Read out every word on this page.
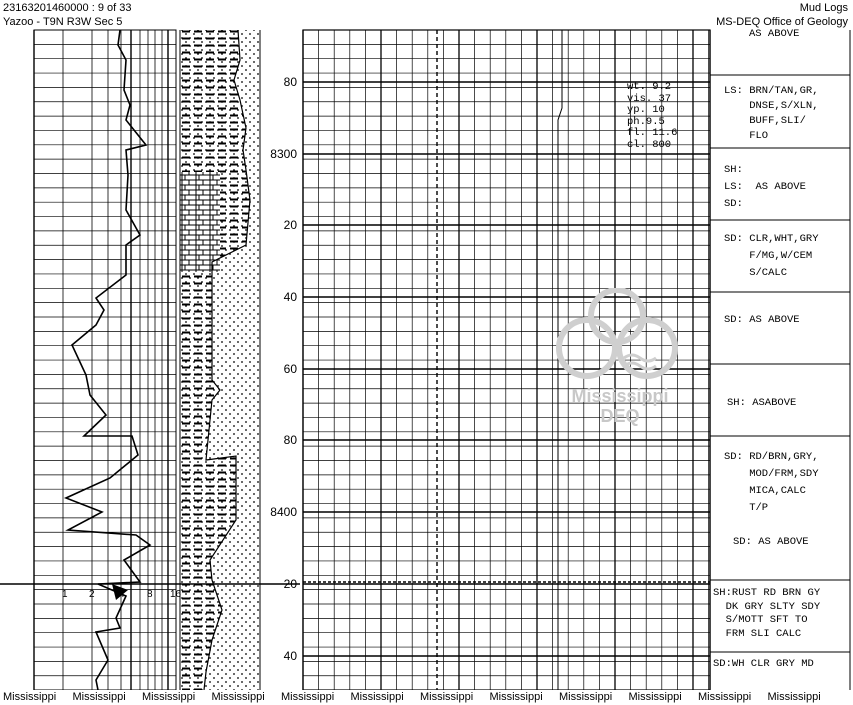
23163201460000 : 9 of 33
Yazoo - T9N R3W Sec 5
Mud Logs
MS-DEQ Office of Geology
Mississippi
DEQ
80
8300
20
40
60
80
8400
20
40
1 2 4 8 16
wt. 9.2
vis. 37
yp. 10
ph.9.5
fl. 11.6
cl. 800
AS ABOVE
LS: BRN/TAN,GR,
DNSE,S/XLN,
BUFF,SLI/
FLO
SH:
LS:  AS ABOVE
SD:
SD: CLR,WHT,GRY
F/MG,W/CEM
S/CALC
SD: AS ABOVE
SH: ASABOVE
SD: RD/BRN,GRY,
MOD/FRM,SDY
MICA,CALC
T/P
SD: AS ABOVE
SH:RUST RD BRN GY
DK GRY SLTY SDY
S/MOTT SFT TO
FRM SLI CALC
SD:WH CLR GRY MD
Mississippi Mississippi Mississippi Mississippi Mississippi Mississippi Mississippi Mississippi Mississippi Mississippi Mississippi Mississippi
